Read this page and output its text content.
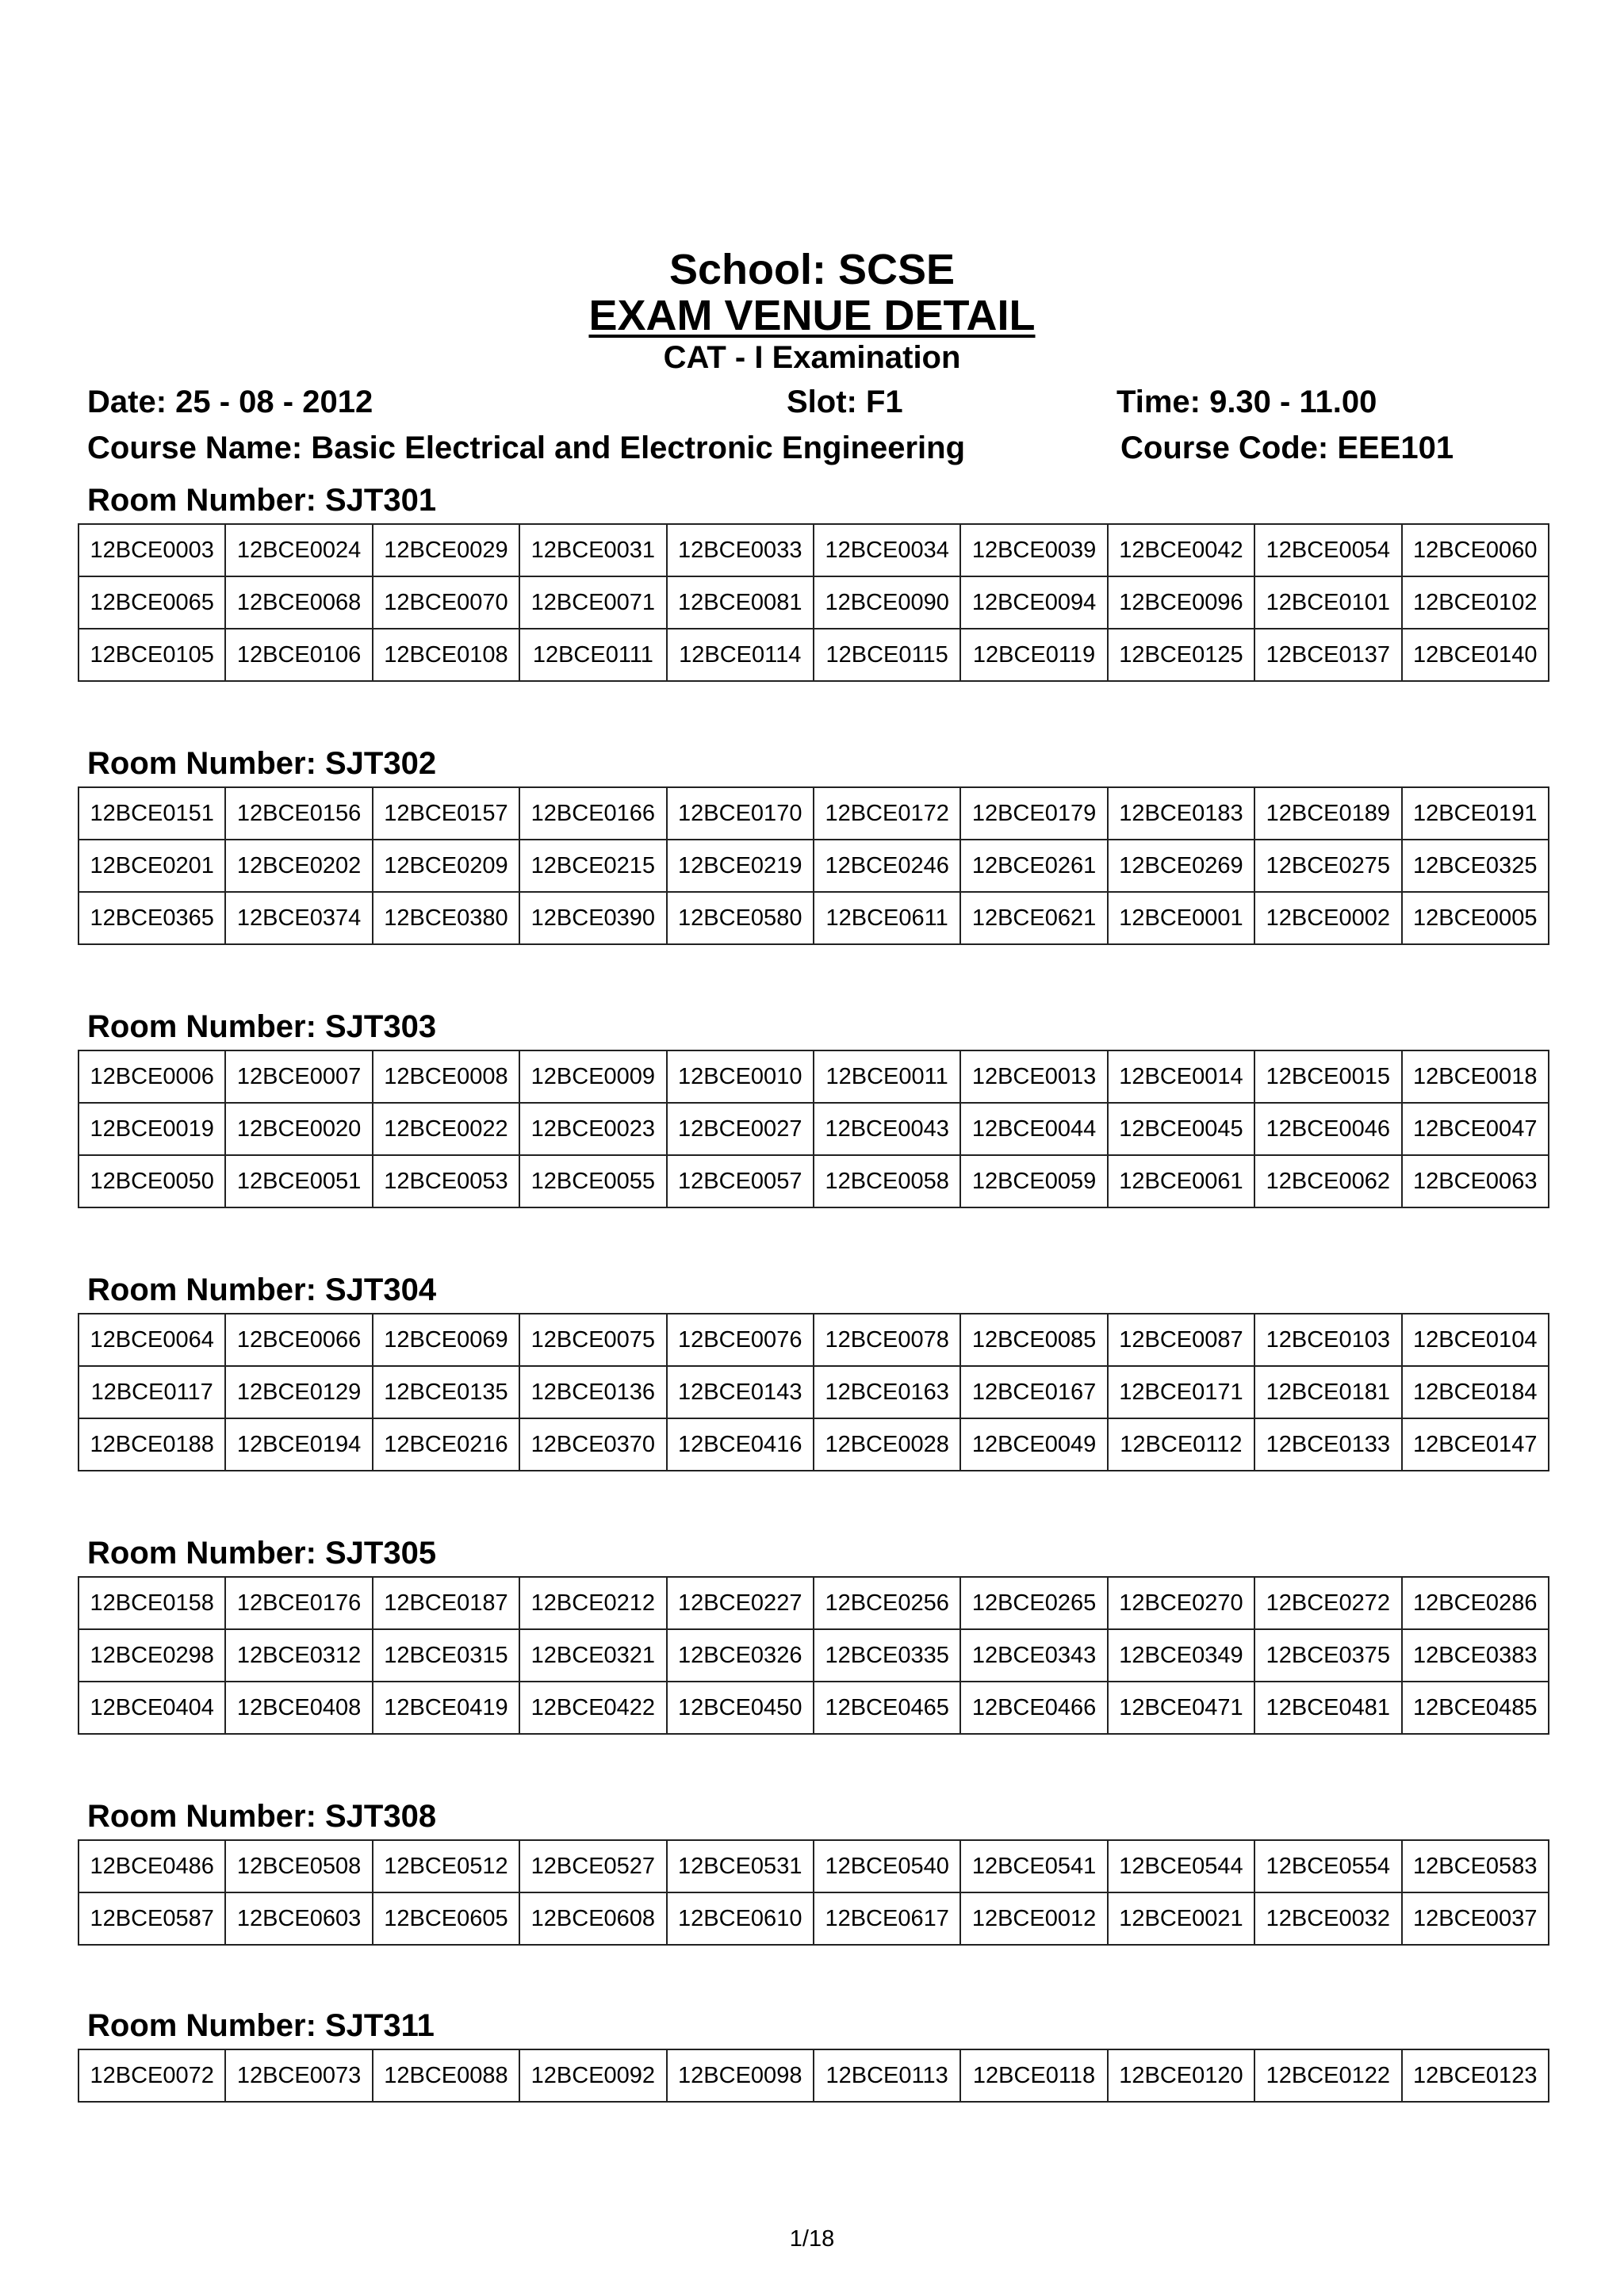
School: SCSE
EXAM VENUE DETAIL
CAT - I Examination
Date: 25 - 08 - 2012	Slot: F1	Time: 9.30 - 11.00
Course Name: Basic Electrical and Electronic Engineering	Course Code: EEE101
Room Number: SJT301
12BCE0003	12BCE0024	12BCE0029	12BCE0031	12BCE0033	12BCE0034	12BCE0039	12BCE0042	12BCE0054	12BCE0060
12BCE0065	12BCE0068	12BCE0070	12BCE0071	12BCE0081	12BCE0090	12BCE0094	12BCE0096	12BCE0101	12BCE0102
12BCE0105	12BCE0106	12BCE0108	12BCE0111	12BCE0114	12BCE0115	12BCE0119	12BCE0125	12BCE0137	12BCE0140
Room Number: SJT302
12BCE0151	12BCE0156	12BCE0157	12BCE0166	12BCE0170	12BCE0172	12BCE0179	12BCE0183	12BCE0189	12BCE0191
12BCE0201	12BCE0202	12BCE0209	12BCE0215	12BCE0219	12BCE0246	12BCE0261	12BCE0269	12BCE0275	12BCE0325
12BCE0365	12BCE0374	12BCE0380	12BCE0390	12BCE0580	12BCE0611	12BCE0621	12BCE0001	12BCE0002	12BCE0005
Room Number: SJT303
12BCE0006	12BCE0007	12BCE0008	12BCE0009	12BCE0010	12BCE0011	12BCE0013	12BCE0014	12BCE0015	12BCE0018
12BCE0019	12BCE0020	12BCE0022	12BCE0023	12BCE0027	12BCE0043	12BCE0044	12BCE0045	12BCE0046	12BCE0047
12BCE0050	12BCE0051	12BCE0053	12BCE0055	12BCE0057	12BCE0058	12BCE0059	12BCE0061	12BCE0062	12BCE0063
Room Number: SJT304
12BCE0064	12BCE0066	12BCE0069	12BCE0075	12BCE0076	12BCE0078	12BCE0085	12BCE0087	12BCE0103	12BCE0104
12BCE0117	12BCE0129	12BCE0135	12BCE0136	12BCE0143	12BCE0163	12BCE0167	12BCE0171	12BCE0181	12BCE0184
12BCE0188	12BCE0194	12BCE0216	12BCE0370	12BCE0416	12BCE0028	12BCE0049	12BCE0112	12BCE0133	12BCE0147
Room Number: SJT305
12BCE0158	12BCE0176	12BCE0187	12BCE0212	12BCE0227	12BCE0256	12BCE0265	12BCE0270	12BCE0272	12BCE0286
12BCE0298	12BCE0312	12BCE0315	12BCE0321	12BCE0326	12BCE0335	12BCE0343	12BCE0349	12BCE0375	12BCE0383
12BCE0404	12BCE0408	12BCE0419	12BCE0422	12BCE0450	12BCE0465	12BCE0466	12BCE0471	12BCE0481	12BCE0485
Room Number: SJT308
12BCE0486	12BCE0508	12BCE0512	12BCE0527	12BCE0531	12BCE0540	12BCE0541	12BCE0544	12BCE0554	12BCE0583
12BCE0587	12BCE0603	12BCE0605	12BCE0608	12BCE0610	12BCE0617	12BCE0012	12BCE0021	12BCE0032	12BCE0037
Room Number: SJT311
12BCE0072	12BCE0073	12BCE0088	12BCE0092	12BCE0098	12BCE0113	12BCE0118	12BCE0120	12BCE0122	12BCE0123
1/18
